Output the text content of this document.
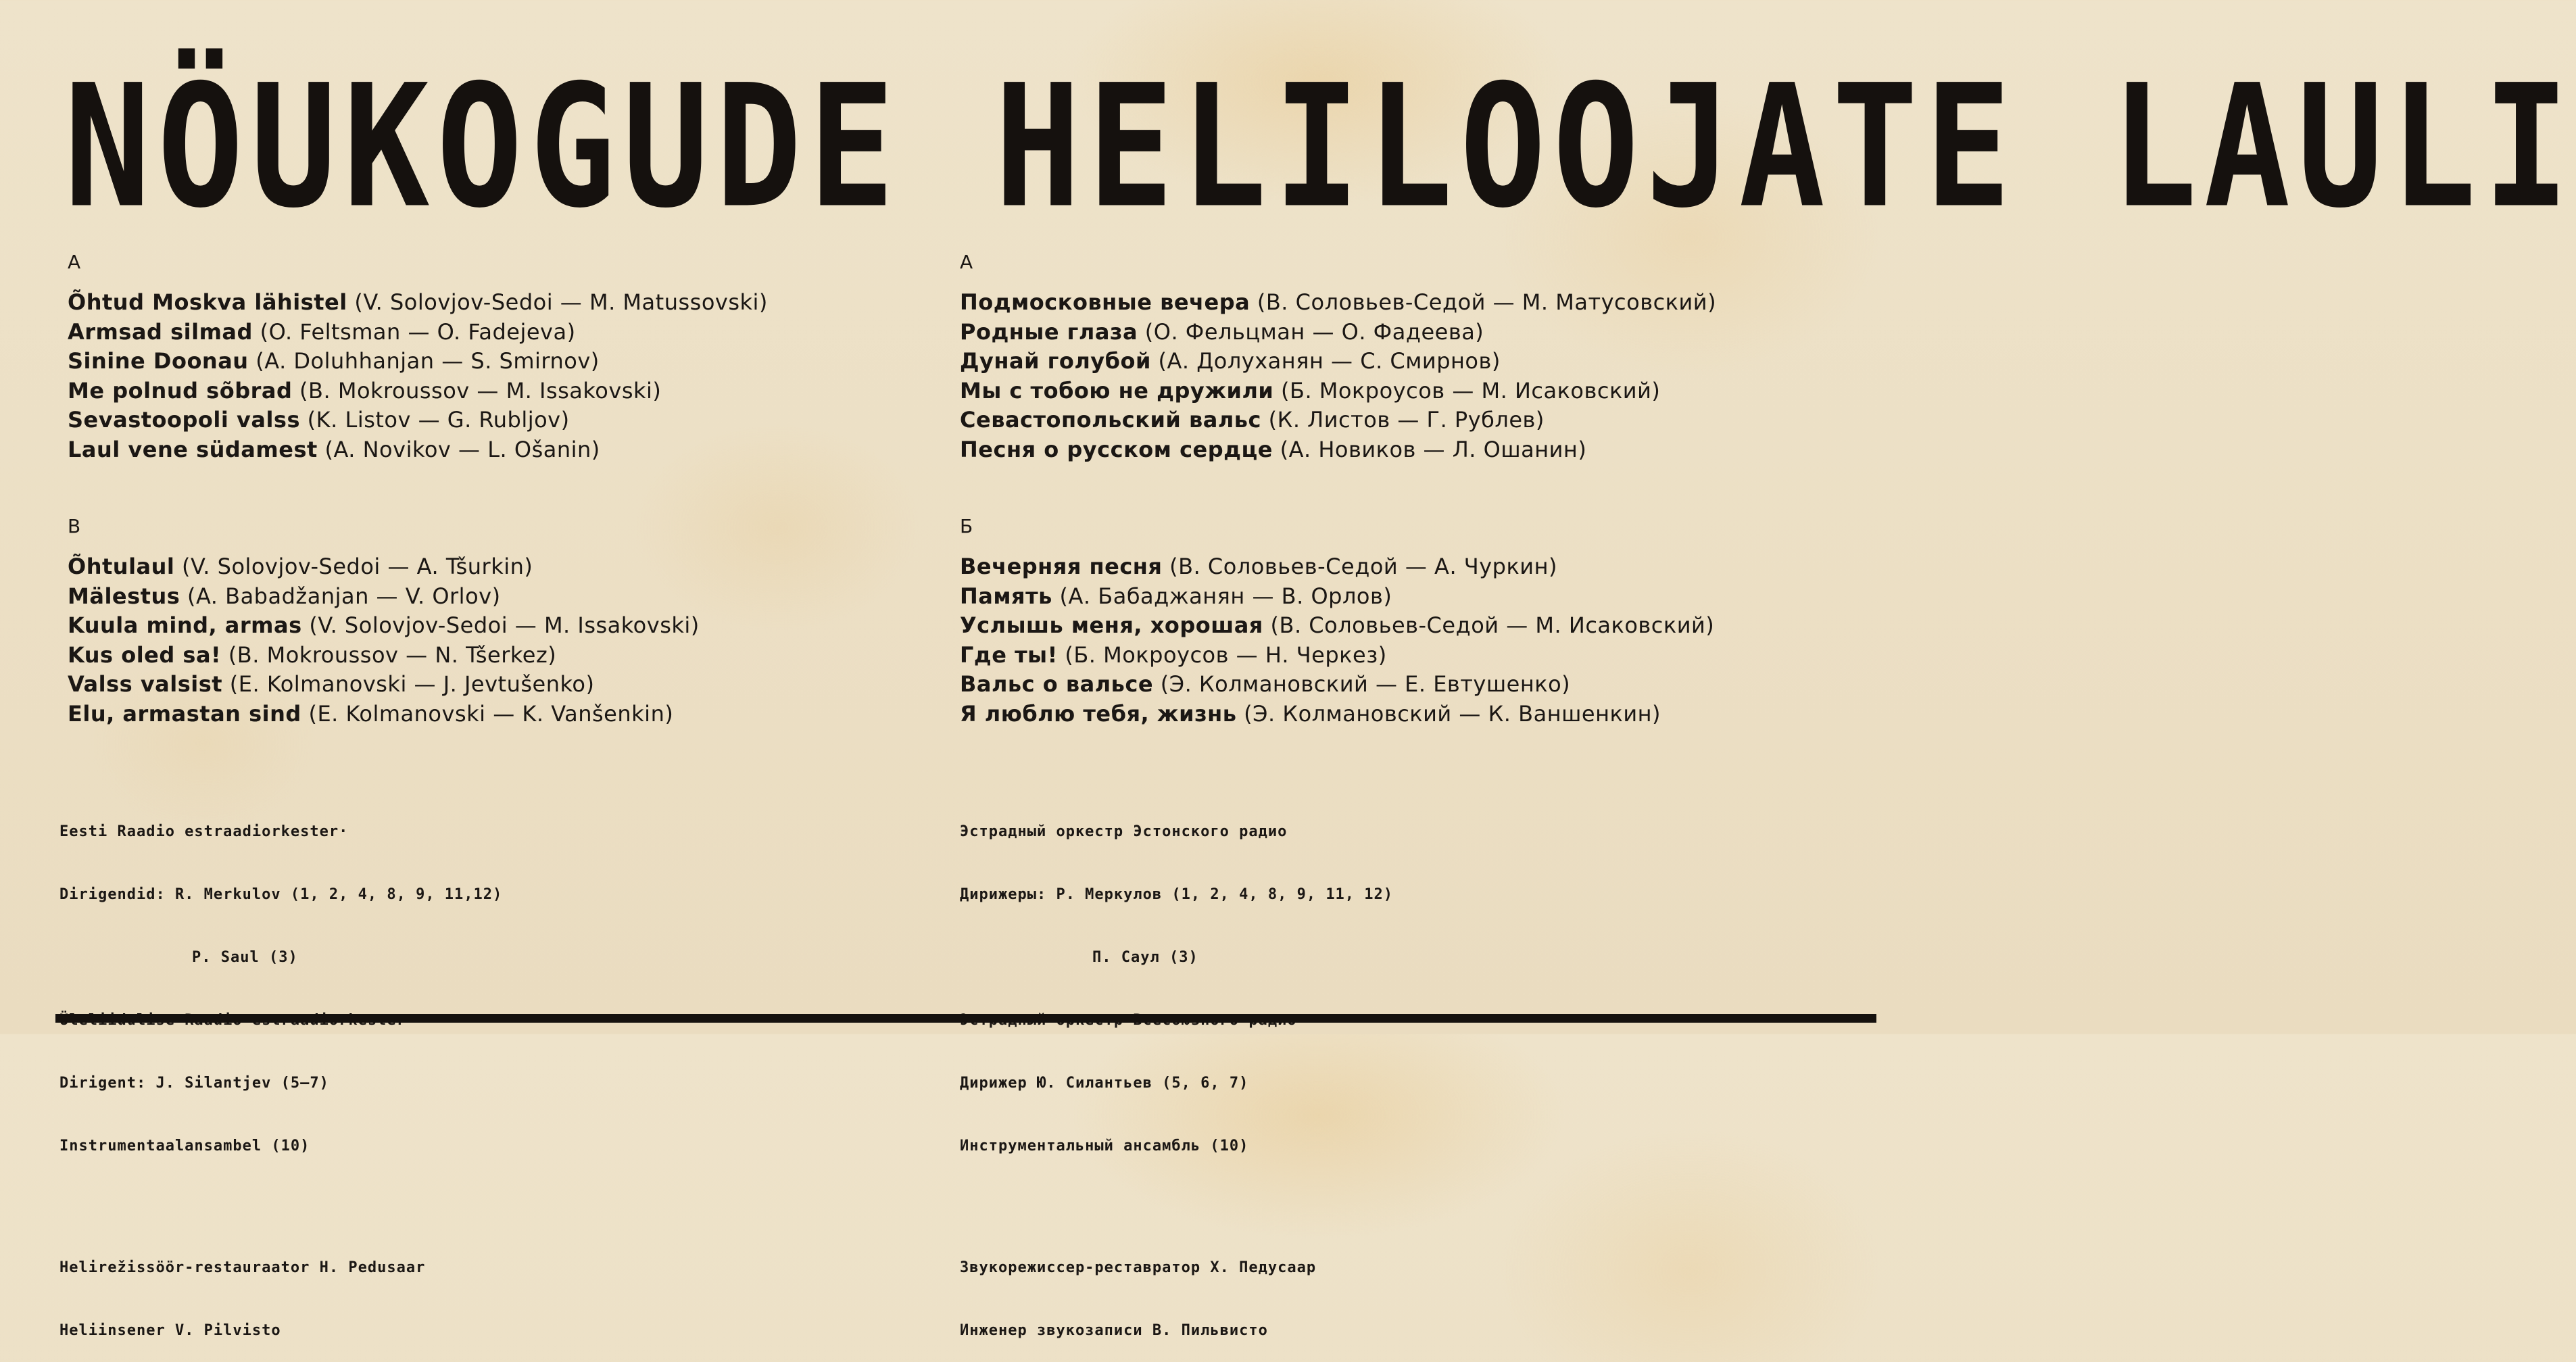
NÖUKOGUDE HELILOOJATE LAULI
A
Õhtud Moskva lähistel (V. Solovjov-Sedoi — M. Matussovski)
Armsad silmad (O. Feltsman — O. Fadejeva)
Sinine Doonau (A. Doluhhanjan — S. Smirnov)
Me polnud sõbrad (B. Mokroussov — M. Issakovski)
Sevastoopoli valss (K. Listov — G. Rubljov)
Laul vene südamest (A. Novikov — L. Ošanin)
B
Õhtulaul (V. Solovjov-Sedoi — A. Tšurkin)
Mälestus (A. Babadžanjan — V. Orlov)
Kuula mind, armas (V. Solovjov-Sedoi — M. Issakovski)
Kus oled sa! (B. Mokroussov — N. Tšerkez)
Valss valsist (E. Kolmanovski — J. Jevtušenko)
Elu, armastan sind (E. Kolmanovski — K. Vanšenkin)
А
Подмосковные вечера (В. Соловьев-Седой — М. Матусовский)
Родные глаза (О. Фельцман — О. Фадеева)
Дунай голубой (А. Долуханян — С. Смирнов)
Мы с тобою не дружили (Б. Мокроусов — М. Исаковский)
Севастопольский вальс (К. Листов — Г. Рублев)
Песня о русском сердце (А. Новиков — Л. Ошанин)
Б
Вечерняя песня (В. Соловьев-Седой — А. Чуркин)
Память (А. Бабаджанян — В. Орлов)
Услышь меня, хорошая (В. Соловьев-Седой — М. Исаковский)
Где ты! (Б. Мокроусов — Н. Черкез)
Вальс о вальсе (Э. Колмановский — Е. Евтушенко)
Я люблю тебя, жизнь (Э. Колмановский — К. Ваншенкин)

Eesti Raadio estraadiorkester·

Dirigendid: R. Merkulov (1, 2, 4, 8, 9, 11,12)

P. Saul (3)

Dirigent: J. Silantjev (5—7)

Instrumentaalansambel (10)

Helirežissöör-restauraator H. Pedusaar

Heliinsener V. Pilvisto

Эстрадный оркестр Эстонского радио

Дирижеры: Р. Меркулов (1, 2, 4, 8, 9, 11, 12)

П. Саул (3)

Дирижер Ю. Силантьев (5, 6, 7)

Инструментальный ансамбль (10)

Звукорежиссер-реставратор Х. Педусаар

Инженер звукозаписи В. Пильвисто
